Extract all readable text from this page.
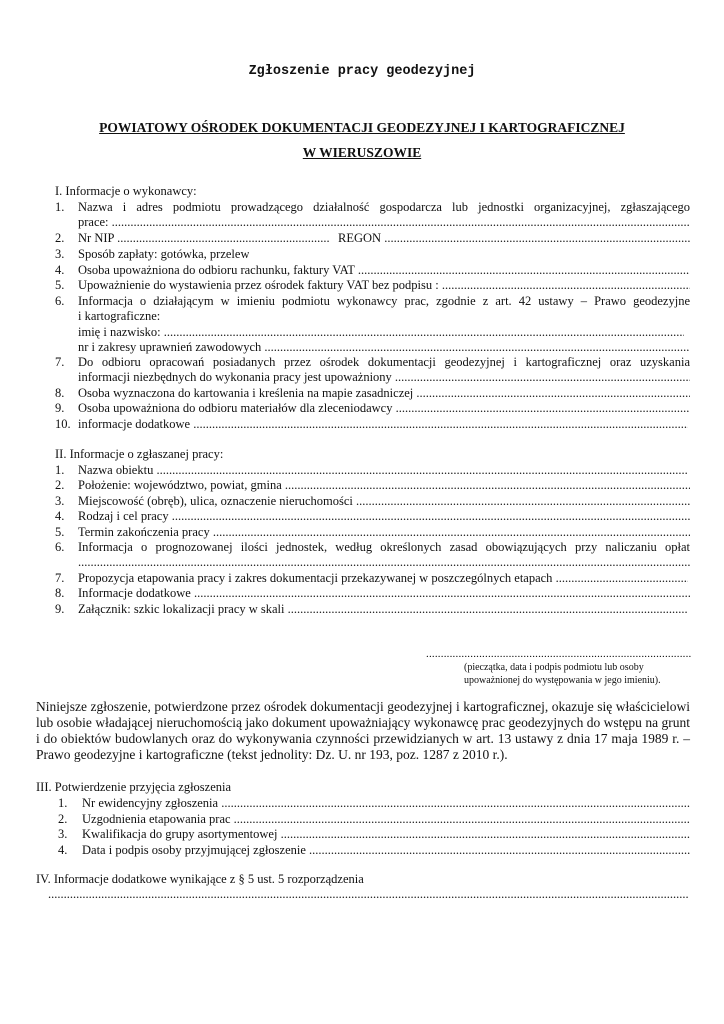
Zgłoszenie pracy geodezyjnej
POWIATOWY OŚRODEK DOKUMENTACJI GEODEZYJNEJ I KARTOGRAFICZNEJ
W WIERUSZOWIE
I. Informacje o wykonawcy:
1. Nazwa i adres podmiotu prowadzącego działalność gospodarcza lub jednostki organizacyjnej, zgłaszającego
prace: .....
2. Nr NIP .....	REGON .....
3. Sposób zapłaty: gotówka, przelew
4. Osoba upoważniona do odbioru rachunku, faktury VAT .....
5. Upoważnienie do wystawienia przez ośrodek faktury VAT bez podpisu : .....
6. Informacja o działającym w imieniu podmiotu wykonawcy prac, zgodnie z art. 42 ustawy – Prawo geodezyjne
i kartograficzne:
imię i nazwisko: .....
nr i zakresy uprawnień zawodowych .....
7. Do odbioru opracowań posiadanych przez ośrodek dokumentacji geodezyjnej i kartograficznej oraz uzyskania
informacji niezbędnych do wykonania pracy jest upoważniony .....
8. Osoba wyznaczona do kartowania i kreślenia na mapie zasadniczej .....
9. Osoba upoważniona do odbioru materiałów dla zleceniodawcy .....
10. informacje dodatkowe .....
II. Informacje o zgłaszanej pracy:
1. Nazwa obiektu .....
2. Położenie: województwo, powiat, gmina .....
3. Miejscowość (obręb), ulica, oznaczenie nieruchomości .....
4. Rodzaj i cel pracy .....
5. Termin zakończenia pracy .....
6. Informacja o prognozowanej ilości jednostek, według określonych zasad obowiązujących przy naliczaniu opłat
.....
7. Propozycja etapowania pracy i zakres dokumentacji przekazywanej w poszczególnych etapach .....
8. Informacje dodatkowe .....
9. Załącznik: szkic lokalizacji pracy w skali .....
..........................................................................................
(pieczątka, data i podpis podmiotu lub osoby
upoważnionej do występowania w jego imieniu).
Niniejsze zgłoszenie, potwierdzone przez ośrodek dokumentacji geodezyjnej i kartograficznej, okazuje się właścicielowi lub osobie władającej nieruchomością jako dokument upoważniający wykonawcę prac geodezyjnych do wstępu na grunt i do obiektów budowlanych oraz do wykonywania czynności przewidzianych w art. 13 ustawy z dnia 17 maja 1989 r. – Prawo geodezyjne i kartograficzne (tekst jednolity: Dz. U. nr 193, poz. 1287 z 2010 r.).
III. Potwierdzenie przyjęcia zgłoszenia
1. Nr ewidencyjny zgłoszenia .....
2. Uzgodnienia etapowania prac .....
3. Kwalifikacja do grupy asortymentowej .....
4. Data i podpis osoby przyjmującej zgłoszenie .....
IV. Informacje dodatkowe wynikające z § 5 ust. 5 rozporządzenia
.....
